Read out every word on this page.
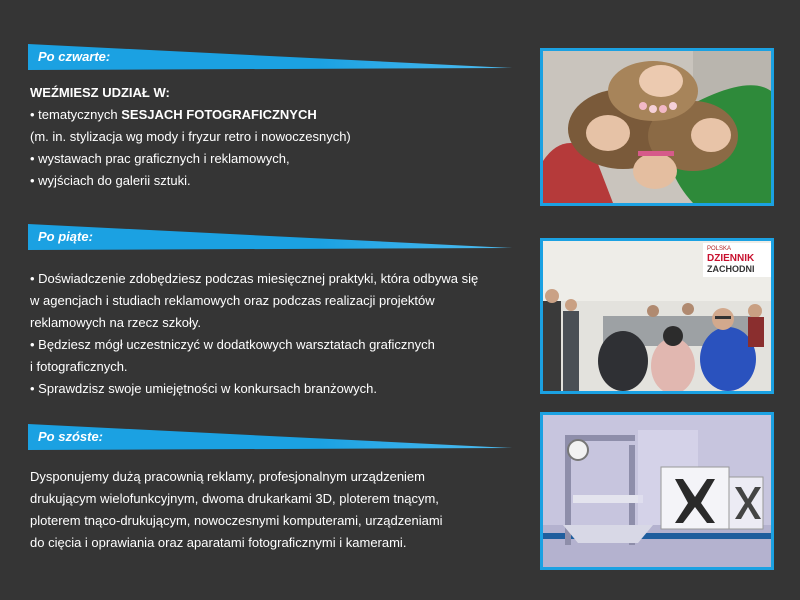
Po czwarte:
WEŹMIESZ UDZIAŁ W:
• tematycznych SESJACH FOTOGRAFICZNYCH
(m. in. stylizacja wg mody i fryzur retro i nowoczesnych)
• wystawach prac graficznych i reklamowych,
• wyjściach do galerii sztuki.
Po piąte:
• Doświadczenie zdobędziesz podczas miesięcznej praktyki, która odbywa się
w agencjach i studiach reklamowych oraz podczas realizacji projektów
reklamowych na rzecz szkoły.
• Będziesz mógł uczestniczyć w dodatkowych warsztatach graficznych
i fotograficznych.
• Sprawdzisz swoje umiejętności w konkursach branżowych.
Po szóste:
Dysponujemy dużą pracownią reklamy, profesjonalnym urządzeniem
drukującym wielofunkcyjnym, dwoma drukarkami 3D, ploterem tnącym,
ploterem tnąco-drukującym, nowoczesnymi komputerami, urządzeniami
do cięcia i oprawiania oraz aparatami fotograficznymi i kamerami.
POLSKA
DZIENNIK
ZACHODNI
